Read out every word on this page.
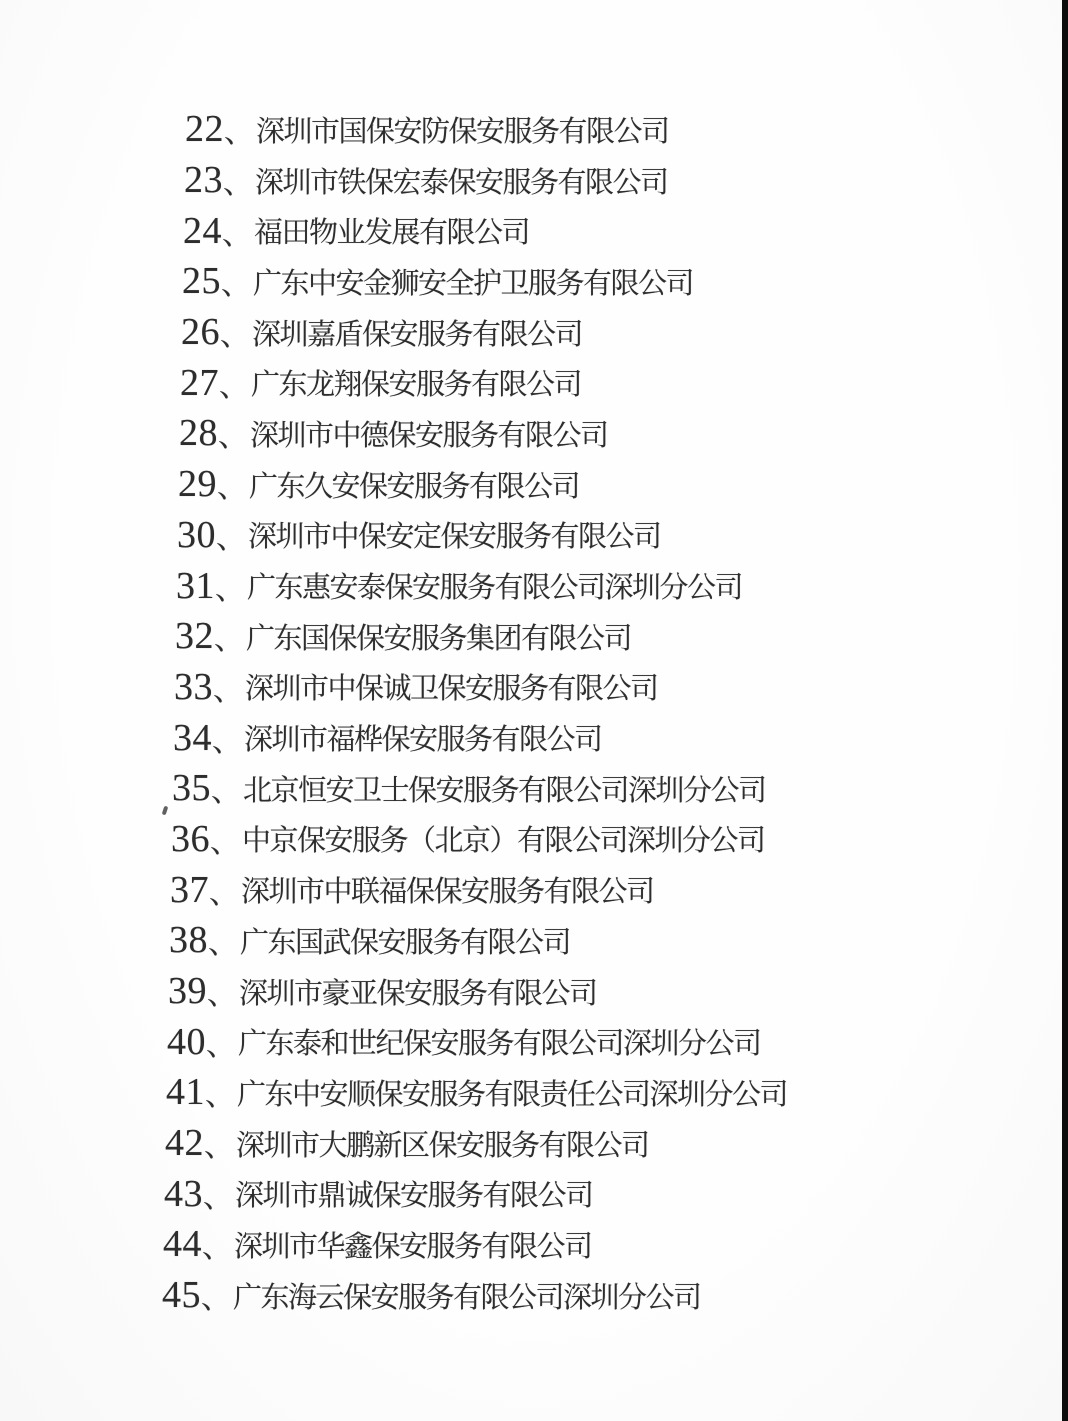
22 、 深圳市国保安防保安服务有限公司
23 、 深圳市铁保宏泰保安服务有限公司
24 、 福田物业发展有限公司
25 、 广东中安金狮安全护卫服务有限公司
26 、 深圳嘉盾保安服务有限公司
27 、 广东龙翔保安服务有限公司
28 、 深圳市中德保安服务有限公司
29 、 广东久安保安服务有限公司
30 、 深圳市中保安定保安服务有限公司
31 、 广东惠安泰保安服务有限公司深圳分公司
32 、 广东国保保安服务集团有限公司
33 、 深圳市中保诚卫保安服务有限公司
34 、 深圳市福桦保安服务有限公司
35 、 北京恒安卫士保安服务有限公司深圳分公司
36 、 中京保安服务（北京）有限公司深圳分公司
37 、 深圳市中联福保保安服务有限公司
38 、 广东国武保安服务有限公司
39 、 深圳市豪亚保安服务有限公司
40 、 广东泰和世纪保安服务有限公司深圳分公司
41 、 广东中安顺保安服务有限责任公司深圳分公司
42 、 深圳市大鹏新区保安服务有限公司
43 、 深圳市鼎诚保安服务有限公司
44 、 深圳市华鑫保安服务有限公司
45 、 广东海云保安服务有限公司深圳分公司
